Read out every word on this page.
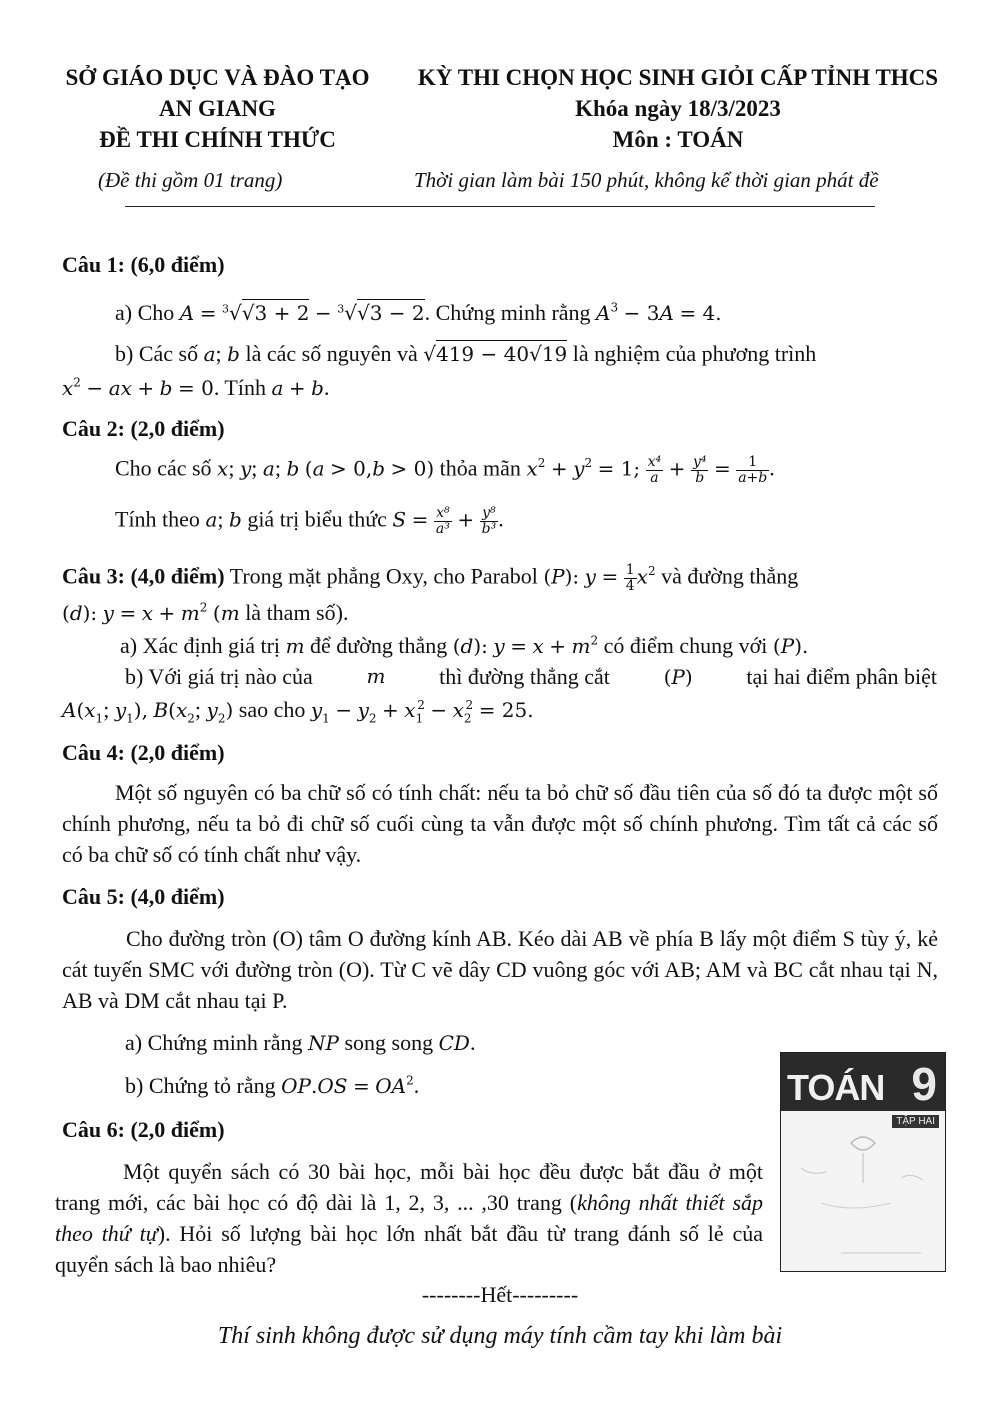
SỞ GIÁO DỤC VÀ ĐÀO TẠO
AN GIANG
ĐỀ THI CHÍNH THỨC
KỲ THI CHỌN HỌC SINH GIỎI CẤP TỈNH THCS
Khóa ngày 18/3/2023
Môn : TOÁN
(Đề thi gồm 01 trang)	Thời gian làm bài 150 phút, không kể thời gian phát đề
Câu 1: (6,0 điểm)
a) Cho A = $^3$√√3 + 2 − $^3$√√3 − 2. Chứng minh rằng $A^3 - 3A = 4$.
b) Các số a; b là các số nguyên và √419 − 40√19 là nghiệm của phương trình
$x^2$ − ax + b = 0. Tính a + b.
Câu 2: (2,0 điểm)
Cho các số x; y; a; b (a > 0,b > 0) thỏa mãn $x^2 + y^2 = 1$; $\frac{\text{x⁴}}{a} + \frac{\text{y⁴}}{b} = \frac{1}{a+b}$ .
Tính theo a; b giá trị biểu thức $S = \frac{\text{x⁸}}{\text{a³}} + \frac{\text{y⁸}}{\text{b³}}$ .
Câu 3: (4,0 điểm) Trong mặt phẳng Oxy, cho Parabol (P): $y = \frac{1}{4} x^2$ và đường thẳng
(d): $y = x + m^2$ (m là tham số).
a) Xác định giá trị m để đường thẳng (d): $y = x + m^2$ có điểm chung với (P).
b) Với giá trị nào của	m thì đường thẳng cắt	(P) tại hai điểm phân biệt
$A(x_1$; $y_1$), $B(x_2$; $y_2$) sao cho $y_1 - y_2 + x_1^2 - x_2^2 = 25$.
Câu 4: (2,0 điểm)
Một số nguyên có ba chữ số có tính chất: nếu ta bỏ chữ số đầu tiên của số đó ta được một số chính phương, nếu ta bỏ đi chữ số cuối cùng ta vẫn được một số chính phương. Tìm tất cả các số có ba chữ số có tính chất như vậy.
Câu 5: (4,0 điểm)
Cho đường tròn (O) tâm O đường kính AB. Kéo dài AB về phía B lấy một điểm S tùy ý, kẻ cát tuyến SMC với đường tròn (O). Từ C vẽ dây CD vuông góc với AB; AM và BC cắt nhau tại N, AB và DM cắt nhau tại P.
a) Chứng minh rằng NP song song CD.
b) Chứng tỏ rằng $OP.OS = OA^2$.
Câu 6: (2,0 điểm)
Một quyển sách có 30 bài học, mỗi bài học đều được bắt đầu ở một trang mới, các bài học có độ dài là 1, 2, 3, ... ,30 trang (không nhất thiết sắp theo thứ tự). Hỏi số lượng bài học lớn nhất bắt đầu từ trang đánh số lẻ của quyển sách là bao nhiêu?
TOÁN 9
TẬP HAI
--------Hết---------
Thí sinh không được sử dụng máy tính cầm tay khi làm bài
